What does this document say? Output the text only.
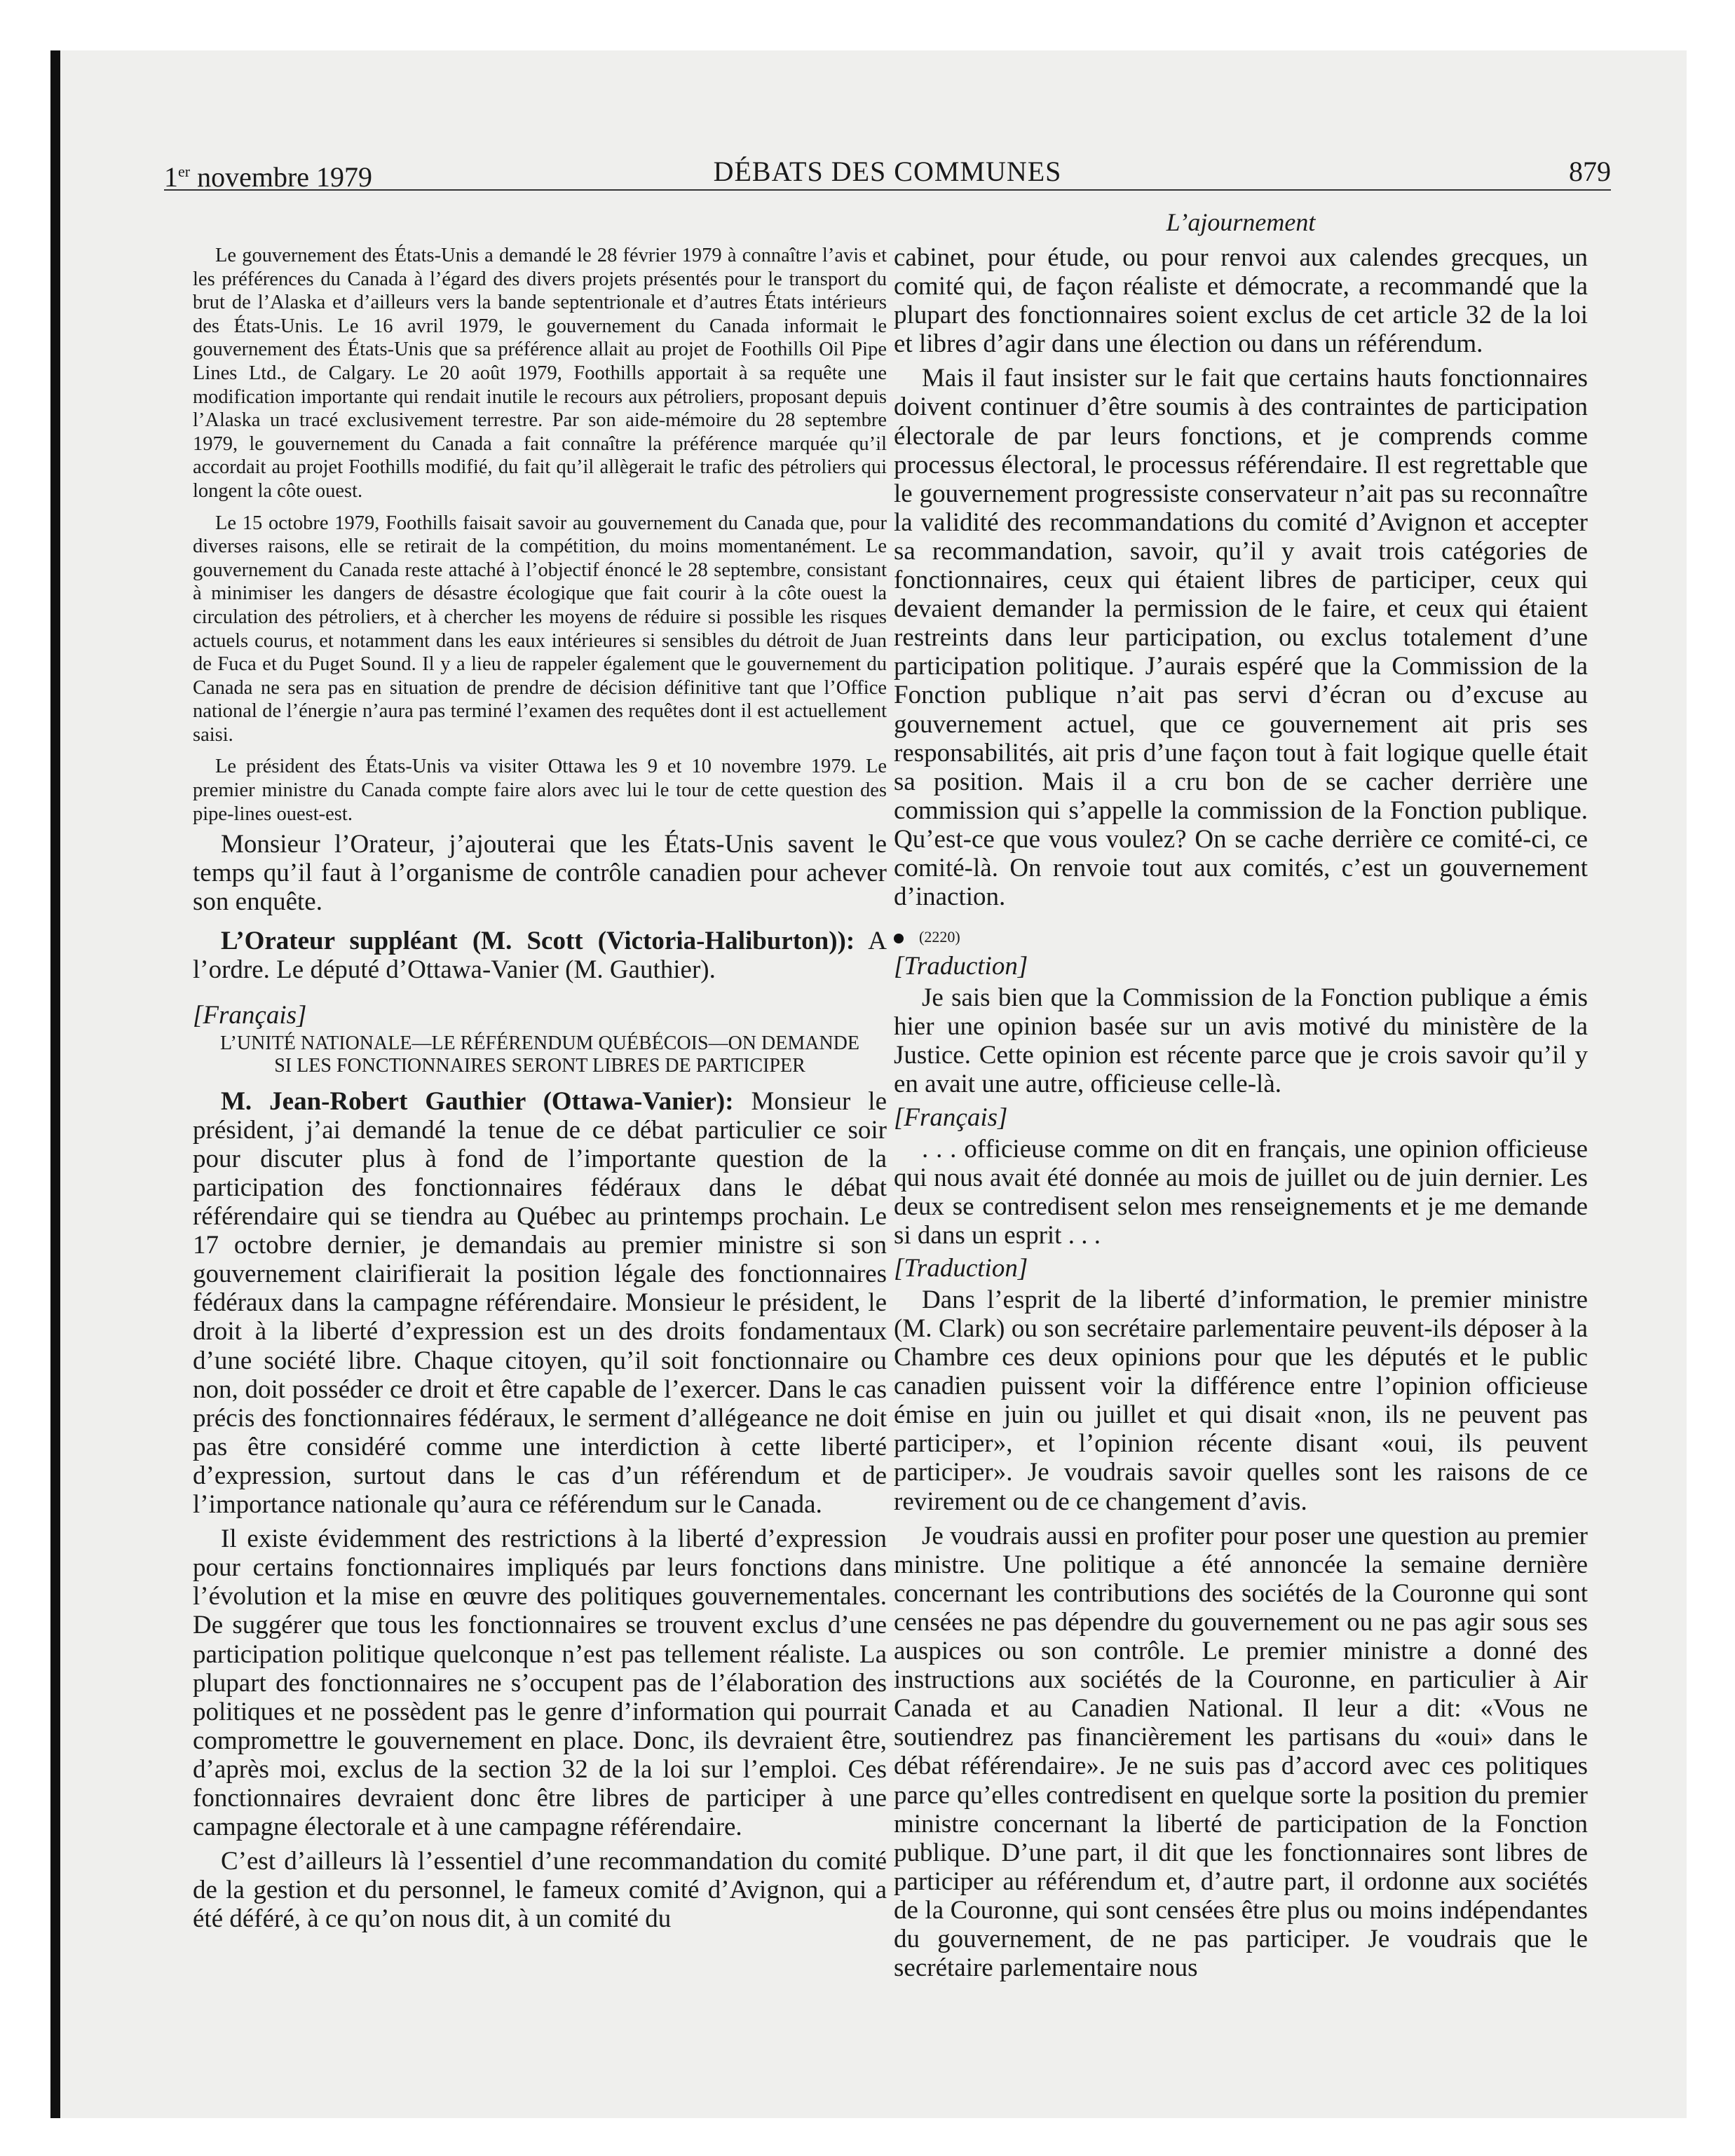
1er novembre 1979	DÉBATS DES COMMUNES	879

Le gouvernement des États-Unis a demandé le 28 février 1979 à connaître l’avis et les préférences du Canada à l’égard des divers projets présentés pour le transport du brut de l’Alaska et d’ailleurs vers la bande septentrionale et d’autres États intérieurs des États-Unis. Le 16 avril 1979, le gouvernement du Canada informait le gouvernement des États-Unis que sa préférence allait au projet de Foothills Oil Pipe Lines Ltd., de Calgary. Le 20 août 1979, Foothills apportait à sa requête une modification importante qui rendait inutile le recours aux pétroliers, proposant depuis l’Alaska un tracé exclusivement terrestre. Par son aide-mémoire du 28 septembre 1979, le gouvernement du Canada a fait connaître la préférence marquée qu’il accordait au projet Foothills modifié, du fait qu’il allègerait le trafic des pétroliers qui longent la côte ouest.

Le 15 octobre 1979, Foothills faisait savoir au gouvernement du Canada que, pour diverses raisons, elle se retirait de la compétition, du moins momentanément. Le gouvernement du Canada reste attaché à l’objectif énoncé le 28 septembre, consistant à minimiser les dangers de désastre écologique que fait courir à la côte ouest la circulation des pétroliers, et à chercher les moyens de réduire si possible les risques actuels courus, et notamment dans les eaux intérieures si sensibles du détroit de Juan de Fuca et du Puget Sound. Il y a lieu de rappeler également que le gouvernement du Canada ne sera pas en situation de prendre de décision définitive tant que l’Office national de l’énergie n’aura pas terminé l’examen des requêtes dont il est actuellement saisi.

Le président des États-Unis va visiter Ottawa les 9 et 10 novembre 1979. Le premier ministre du Canada compte faire alors avec lui le tour de cette question des pipe-lines ouest-est.

Monsieur l’Orateur, j’ajouterai que les États-Unis savent le temps qu’il faut à l’organisme de contrôle canadien pour achever son enquête.

L’Orateur suppléant (M. Scott (Victoria-Haliburton)): A l’ordre. Le député d’Ottawa-Vanier (M. Gauthier).

[Français]

L’UNITÉ NATIONALE—LE RÉFÉRENDUM QUÉBÉCOIS—ON DEMANDE SI LES FONCTIONNAIRES SERONT LIBRES DE PARTICIPER

M. Jean-Robert Gauthier (Ottawa-Vanier): Monsieur le président, j’ai demandé la tenue de ce débat particulier ce soir pour discuter plus à fond de l’importante question de la participation des fonctionnaires fédéraux dans le débat référendaire qui se tiendra au Québec au printemps prochain. Le 17 octobre dernier, je demandais au premier ministre si son gouvernement clairifierait la position légale des fonctionnaires fédéraux dans la campagne référendaire. Monsieur le président, le droit à la liberté d’expression est un des droits fondamentaux d’une société libre. Chaque citoyen, qu’il soit fonctionnaire ou non, doit posséder ce droit et être capable de l’exercer. Dans le cas précis des fonctionnaires fédéraux, le serment d’allégeance ne doit pas être considéré comme une interdiction à cette liberté d’expression, surtout dans le cas d’un référendum et de l’importance nationale qu’aura ce référendum sur le Canada.

Il existe évidemment des restrictions à la liberté d’expression pour certains fonctionnaires impliqués par leurs fonctions dans l’évolution et la mise en œuvre des politiques gouvernementales. De suggérer que tous les fonctionnaires se trouvent exclus d’une participation politique quelconque n’est pas tellement réaliste. La plupart des fonctionnaires ne s’occupent pas de l’élaboration des politiques et ne possèdent pas le genre d’information qui pourrait compromettre le gouvernement en place. Donc, ils devraient être, d’après moi, exclus de la section 32 de la loi sur l’emploi. Ces fonctionnaires devraient donc être libres de participer à une campagne électorale et à une campagne référendaire.

C’est d’ailleurs là l’essentiel d’une recommandation du comité de la gestion et du personnel, le fameux comité d’Avignon, qui a été déféré, à ce qu’on nous dit, à un comité du

L’ajournement

cabinet, pour étude, ou pour renvoi aux calendes grecques, un comité qui, de façon réaliste et démocrate, a recommandé que la plupart des fonctionnaires soient exclus de cet article 32 de la loi et libres d’agir dans une élection ou dans un référendum.

Mais il faut insister sur le fait que certains hauts fonctionnaires doivent continuer d’être soumis à des contraintes de participation électorale de par leurs fonctions, et je comprends comme processus électoral, le processus référendaire. Il est regrettable que le gouvernement progressiste conservateur n’ait pas su reconnaître la validité des recommandations du comité d’Avignon et accepter sa recommandation, savoir, qu’il y avait trois catégories de fonctionnaires, ceux qui étaient libres de participer, ceux qui devaient demander la permission de le faire, et ceux qui étaient restreints dans leur participation, ou exclus totalement d’une participation politique. J’aurais espéré que la Commission de la Fonction publique n’ait pas servi d’écran ou d’excuse au gouvernement actuel, que ce gouvernement ait pris ses responsabilités, ait pris d’une façon tout à fait logique quelle était sa position. Mais il a cru bon de se cacher derrière une commission qui s’appelle la commission de la Fonction publique. Qu’est-ce que vous voulez? On se cache derrière ce comité-ci, ce comité-là. On renvoie tout aux comités, c’est un gouvernement d’inaction.

(2220)

[Traduction]

Je sais bien que la Commission de la Fonction publique a émis hier une opinion basée sur un avis motivé du ministère de la Justice. Cette opinion est récente parce que je crois savoir qu’il y en avait une autre, officieuse celle-là.

[Français]

. . . officieuse comme on dit en français, une opinion officieuse qui nous avait été donnée au mois de juillet ou de juin dernier. Les deux se contredisent selon mes renseignements et je me demande si dans un esprit . . .

[Traduction]

Dans l’esprit de la liberté d’information, le premier ministre (M. Clark) ou son secrétaire parlementaire peuvent-ils déposer à la Chambre ces deux opinions pour que les députés et le public canadien puissent voir la différence entre l’opinion officieuse émise en juin ou juillet et qui disait «non, ils ne peuvent pas participer», et l’opinion récente disant «oui, ils peuvent participer». Je voudrais savoir quelles sont les raisons de ce revirement ou de ce changement d’avis.

Je voudrais aussi en profiter pour poser une question au premier ministre. Une politique a été annoncée la semaine dernière concernant les contributions des sociétés de la Couronne qui sont censées ne pas dépendre du gouvernement ou ne pas agir sous ses auspices ou son contrôle. Le premier ministre a donné des instructions aux sociétés de la Couronne, en particulier à Air Canada et au Canadien National. Il leur a dit: «Vous ne soutiendrez pas financièrement les partisans du «oui» dans le débat référendaire». Je ne suis pas d’accord avec ces politiques parce qu’elles contredisent en quelque sorte la position du premier ministre concernant la liberté de participation de la Fonction publique. D’une part, il dit que les fonctionnaires sont libres de participer au référendum et, d’autre part, il ordonne aux sociétés de la Couronne, qui sont censées être plus ou moins indépendantes du gouvernement, de ne pas participer. Je voudrais que le secrétaire parlementaire nous
